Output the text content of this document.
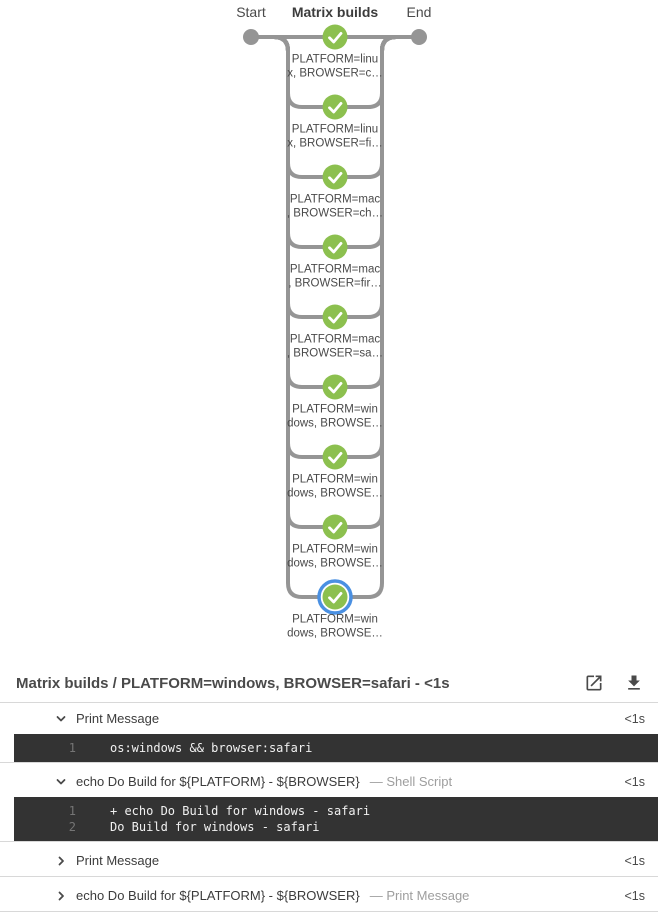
Start Matrix builds End
PLATFORM=linu
x, BROWSER=c…
PLATFORM=linu
x, BROWSER=fi…
PLATFORM=mac
, BROWSER=ch…
PLATFORM=mac
, BROWSER=fir…
PLATFORM=mac
, BROWSER=sa…
PLATFORM=win
dows, BROWSE…
PLATFORM=win
dows, BROWSE…
PLATFORM=win
dows, BROWSE…
PLATFORM=win
dows, BROWSE…
Matrix builds / PLATFORM=windows, BROWSER=safari - <1s
Print Message	<1s
1	os:windows && browser:safari
echo Do Build for ${PLATFORM} - ${BROWSER} — Shell Script	<1s
1	+ echo Do Build for windows - safari
2	Do Build for windows - safari
Print Message	<1s
echo Do Build for ${PLATFORM} - ${BROWSER} — Print Message	<1s
